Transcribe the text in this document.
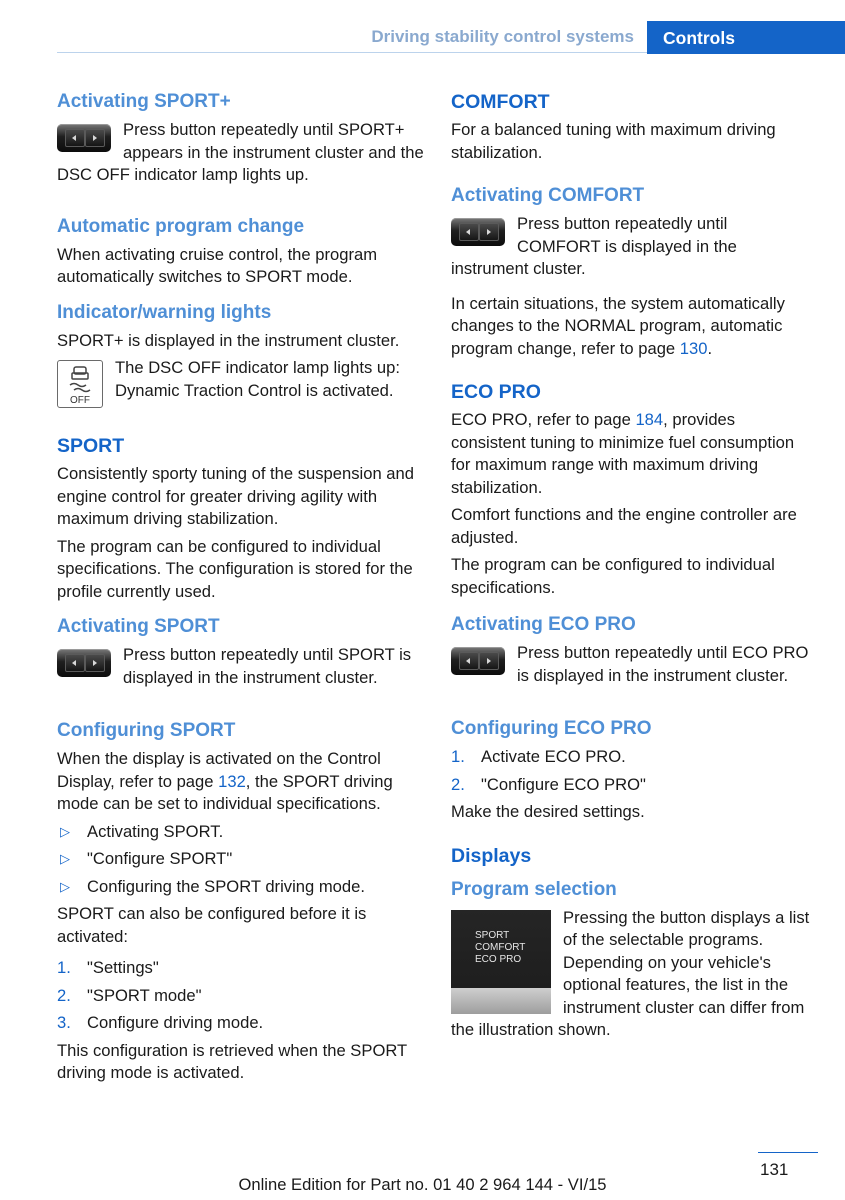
Driving stability control systems Controls
Activating SPORT+
Press button repeatedly until SPORT+ appears in the instrument cluster and the DSC OFF indicator lamp lights up.
Automatic program change

When activating cruise control, the program automatically switches to SPORT mode.

Indicator/warning lights

SPORT+ is displayed in the instrument cluster.

OFF
The DSC OFF indicator lamp lights up: Dynamic Traction Control is activated.
SPORT

Consistently sporty tuning of the suspension and engine control for greater driving agility with maximum driving stabilization.

The program can be configured to individual specifications. The configuration is stored for the profile currently used.

Activating SPORT
Press button repeatedly until SPORT is displayed in the instrument cluster.
Configuring SPORT

When the display is activated on the Control Display, refer to page 132, the SPORT driving mode can be set to individual specifications.

▷ Activating SPORT.
▷ "Configure SPORT"
▷ Configuring the SPORT driving mode.

SPORT can also be configured before it is activated:

1. "Settings"
2. "SPORT mode"
3. Configure driving mode.

This configuration is retrieved when the SPORT driving mode is activated.

COMFORT

For a balanced tuning with maximum driving stabilization.

Activating COMFORT
Press button repeatedly until COMFORT is displayed in the instrument cluster.

In certain situations, the system automatically changes to the NORMAL program, automatic program change, refer to page 130.

ECO PRO

ECO PRO, refer to page 184, provides consistent tuning to minimize fuel consumption for maximum range with maximum driving stabilization.

Comfort functions and the engine controller are adjusted.

The program can be configured to individual specifications.

Activating ECO PRO
Press button repeatedly until ECO PRO is displayed in the instrument cluster.
Configuring ECO PRO
1. Activate ECO PRO.
2. "Configure ECO PRO"

Make the desired settings.

Displays
Program selection
SPORT
COMFORT
ECO PRO
Pressing the button displays a list of the selectable programs. Depending on your vehicle's optional features, the list in the instrument cluster can differ from the illustration shown.
131
Online Edition for Part no. 01 40 2 964 144 - VI/15
